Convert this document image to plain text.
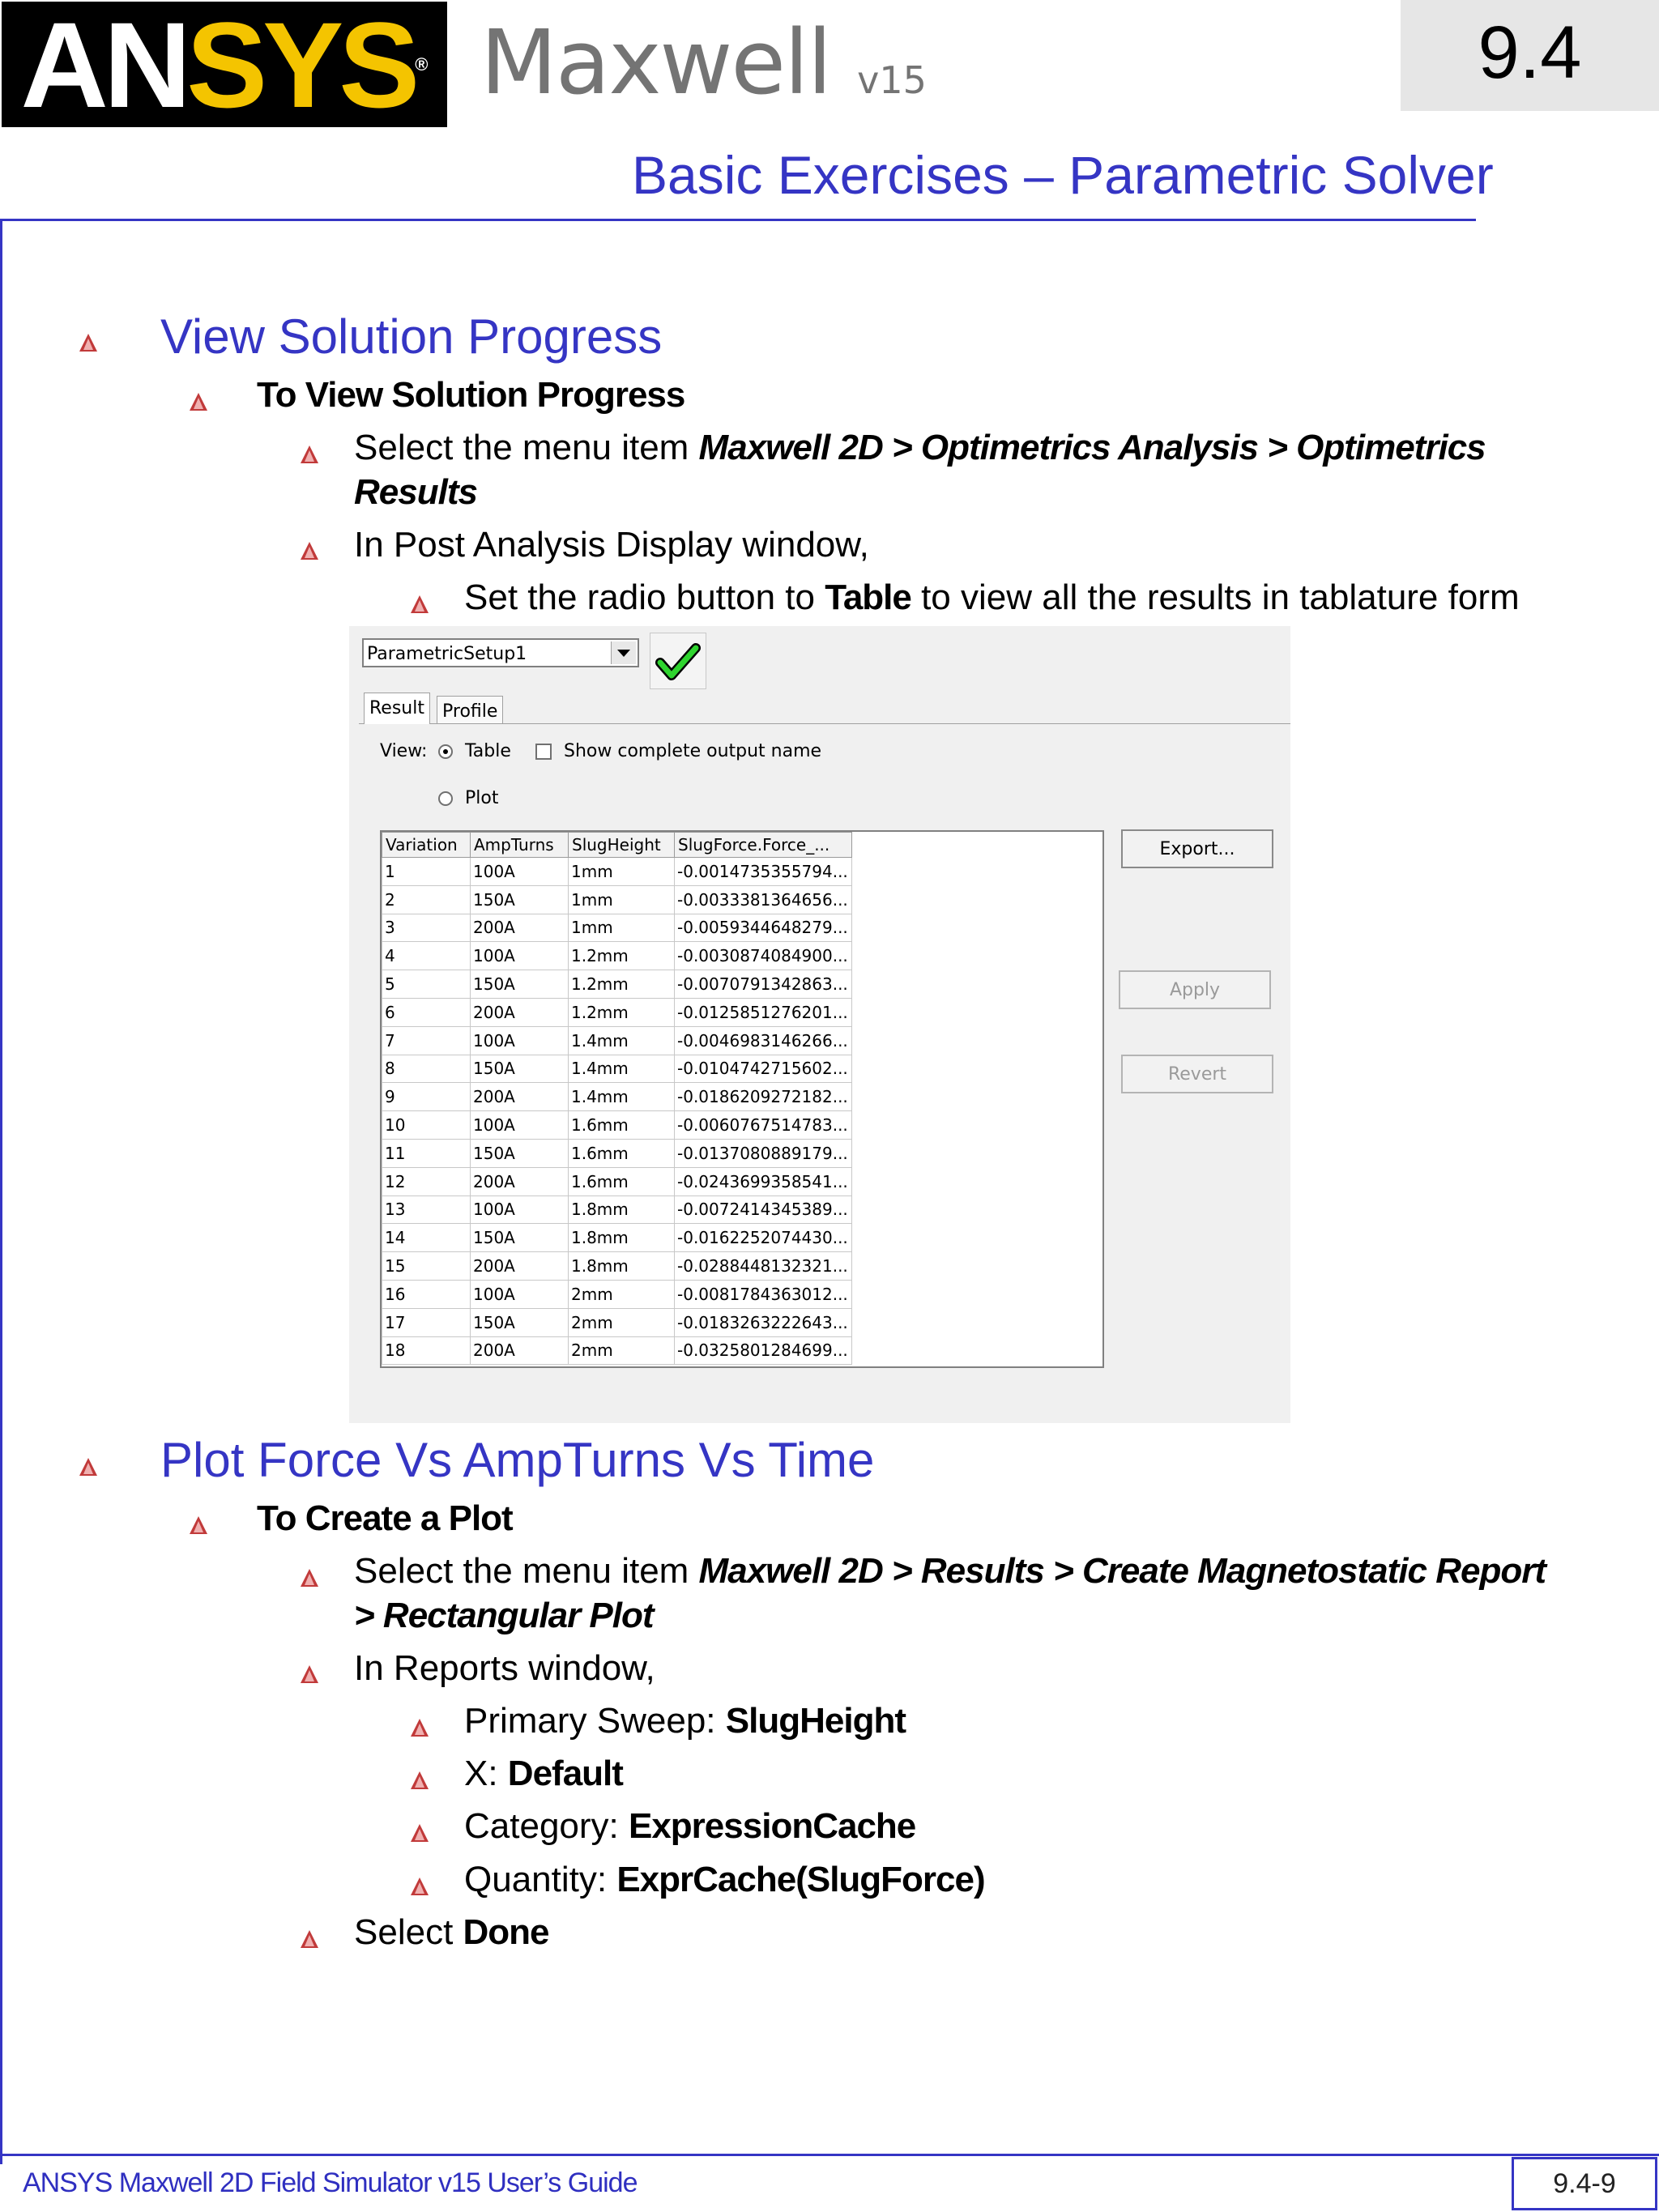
AN SYS ® Maxwell v15	9.4
Basic Exercises – Parametric Solver
View Solution Progress
To View Solution Progress
Select the menu item Maxwell 2D > Optimetrics Analysis > Optimetrics
Results
In Post Analysis Display window,
Set the radio button to Table to view all the results in tablature form
ParametricSetup1
Result	Profile
View: Table	Show complete output name
Plot
Variation	AmpTurns	SlugHeight	SlugForce.Force_...
1	100A	1mm	-0.0014735355794...
2	150A	1mm	-0.0033381364656...
3	200A	1mm	-0.0059344648279...
4	100A	1.2mm	-0.0030874084900...
5	150A	1.2mm	-0.0070791342863...
6	200A	1.2mm	-0.0125851276201...
7	100A	1.4mm	-0.0046983146266...
8	150A	1.4mm	-0.0104742715602...
9	200A	1.4mm	-0.0186209272182...
10	100A	1.6mm	-0.0060767514783...
11	150A	1.6mm	-0.0137080889179...
12	200A	1.6mm	-0.0243699358541...
13	100A	1.8mm	-0.0072414345389...
14	150A	1.8mm	-0.0162252074430...
15	200A	1.8mm	-0.0288448132321...
16	100A	2mm	-0.0081784363012...
17	150A	2mm	-0.0183263222643...
18	200A	2mm	-0.0325801284699...
Export...
Apply
Revert
Plot Force Vs AmpTurns Vs Time
To Create a Plot
Select the menu item Maxwell 2D > Results > Create Magnetostatic Report
> Rectangular Plot
In Reports window,
Primary Sweep: SlugHeight
X: Default
Category: ExpressionCache
Quantity: ExprCache(SlugForce)
Select Done
ANSYS Maxwell 2D Field Simulator v15 User’s Guide	9.4-9
